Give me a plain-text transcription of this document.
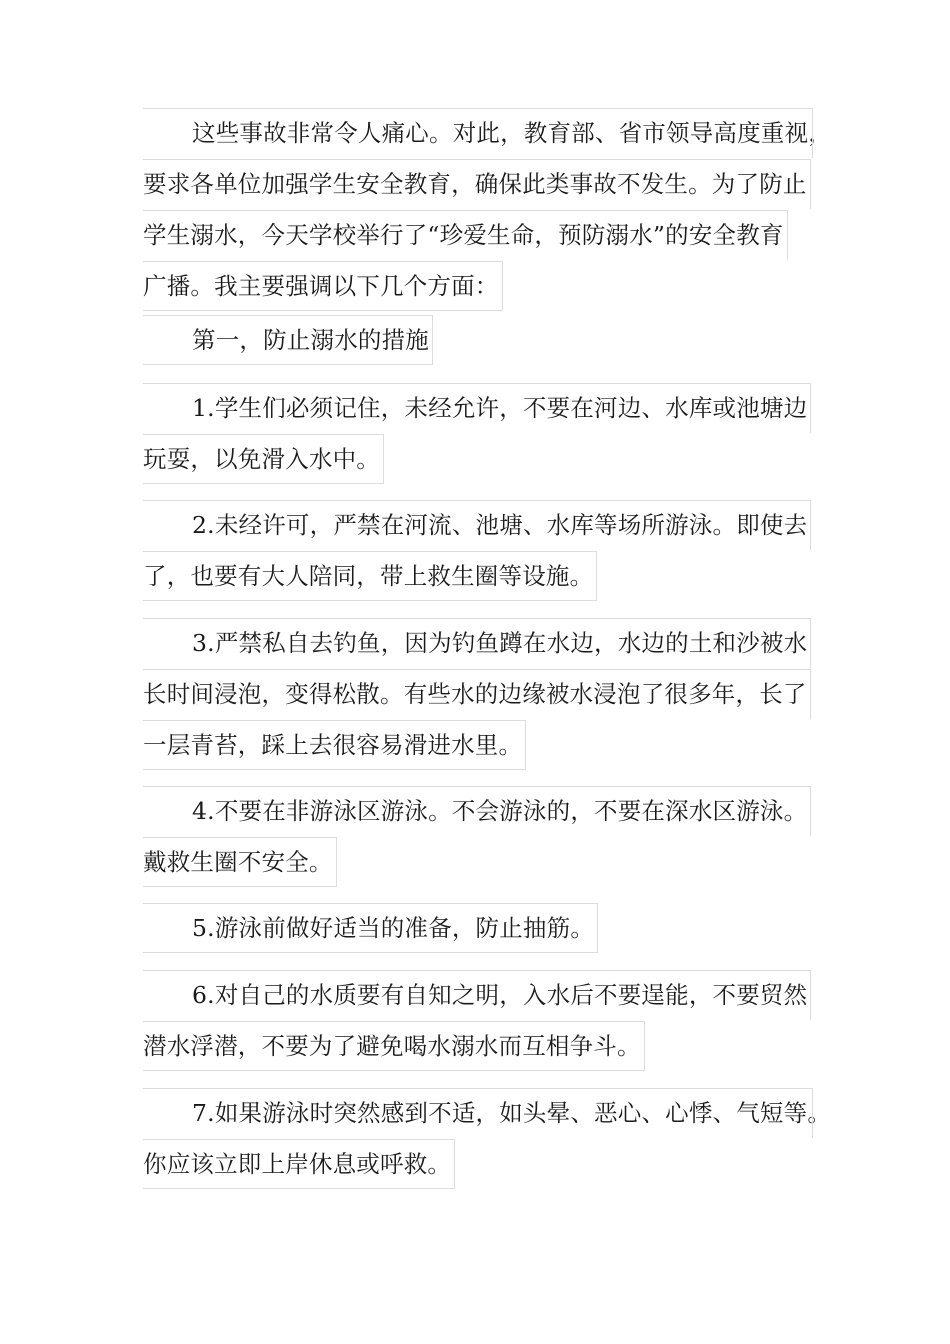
这些事故非常令人痛心。对此，教育部、省市领导高度重视，
要求各单位加强学生安全教育，确保此类事故不发生。为了防止
学生溺水，今天学校举行了“珍爱生命，预防溺水”的安全教育
广播。我主要强调以下几个方面：
第一，防止溺水的措施
1.学生们必须记住，未经允许，不要在河边、水库或池塘边
玩耍，以免滑入水中。
2.未经许可，严禁在河流、池塘、水库等场所游泳。即使去
了，也要有大人陪同，带上救生圈等设施。
3.严禁私自去钓鱼，因为钓鱼蹲在水边，水边的土和沙被水
长时间浸泡，变得松散。有些水的边缘被水浸泡了很多年，长了
一层青苔，踩上去很容易滑进水里。
4.不要在非游泳区游泳。不会游泳的，不要在深水区游泳。
戴救生圈不安全。
5.游泳前做好适当的准备，防止抽筋。
6.对自己的水质要有自知之明，入水后不要逞能，不要贸然
潜水浮潜，不要为了避免喝水溺水而互相争斗。
7.如果游泳时突然感到不适，如头晕、恶心、心悸、气短等。
你应该立即上岸休息或呼救。
